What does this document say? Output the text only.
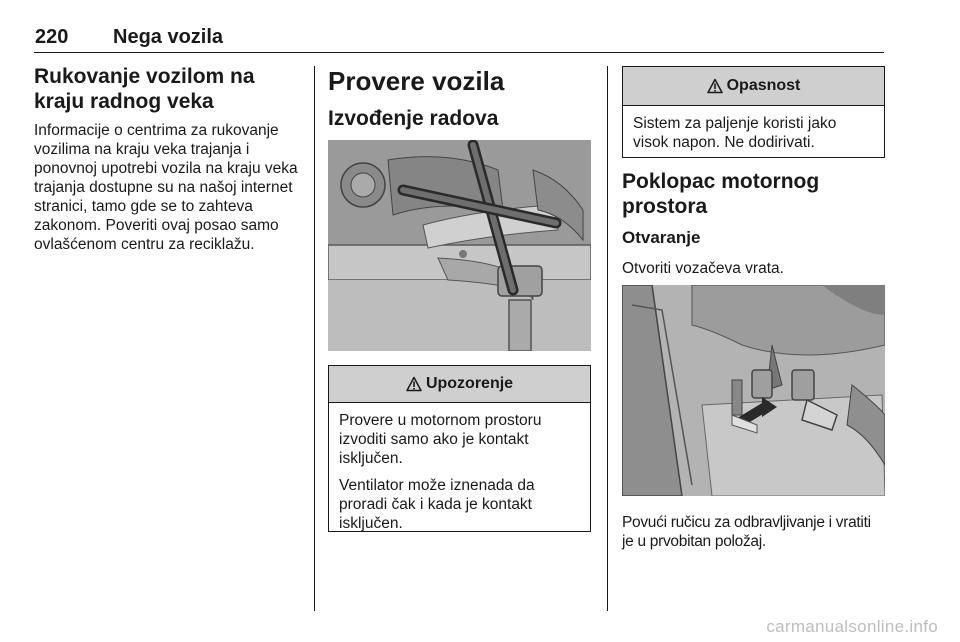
220 Nega vozila
Rukovanje vozilom na kraju radnog veka

Informacije o centrima za rukovanje vozilima na kraju veka trajanja i ponovnoj upotrebi vozila na kraju veka trajanja dostupne su na našoj internet stranici, tamo gde se to zahteva zakonom. Poveriti ovaj posao samo ovlašćenom centru za reciklažu.

Provere vozila
Izvođenje radova
Upozorenje

Provere u motornom prostoru izvoditi samo ako je kontakt isključen.

Ventilator može iznenada da proradi čak i kada je kontakt isključen.

Opasnost

Sistem za paljenje koristi jako visok napon. Ne dodirivati.

Poklopac motornog prostora
Otvaranje

Otvoriti vozačeva vrata.

Povući ručicu za odbravljivanje i vratiti je u prvobitan položaj.

carmanualsonline.info
